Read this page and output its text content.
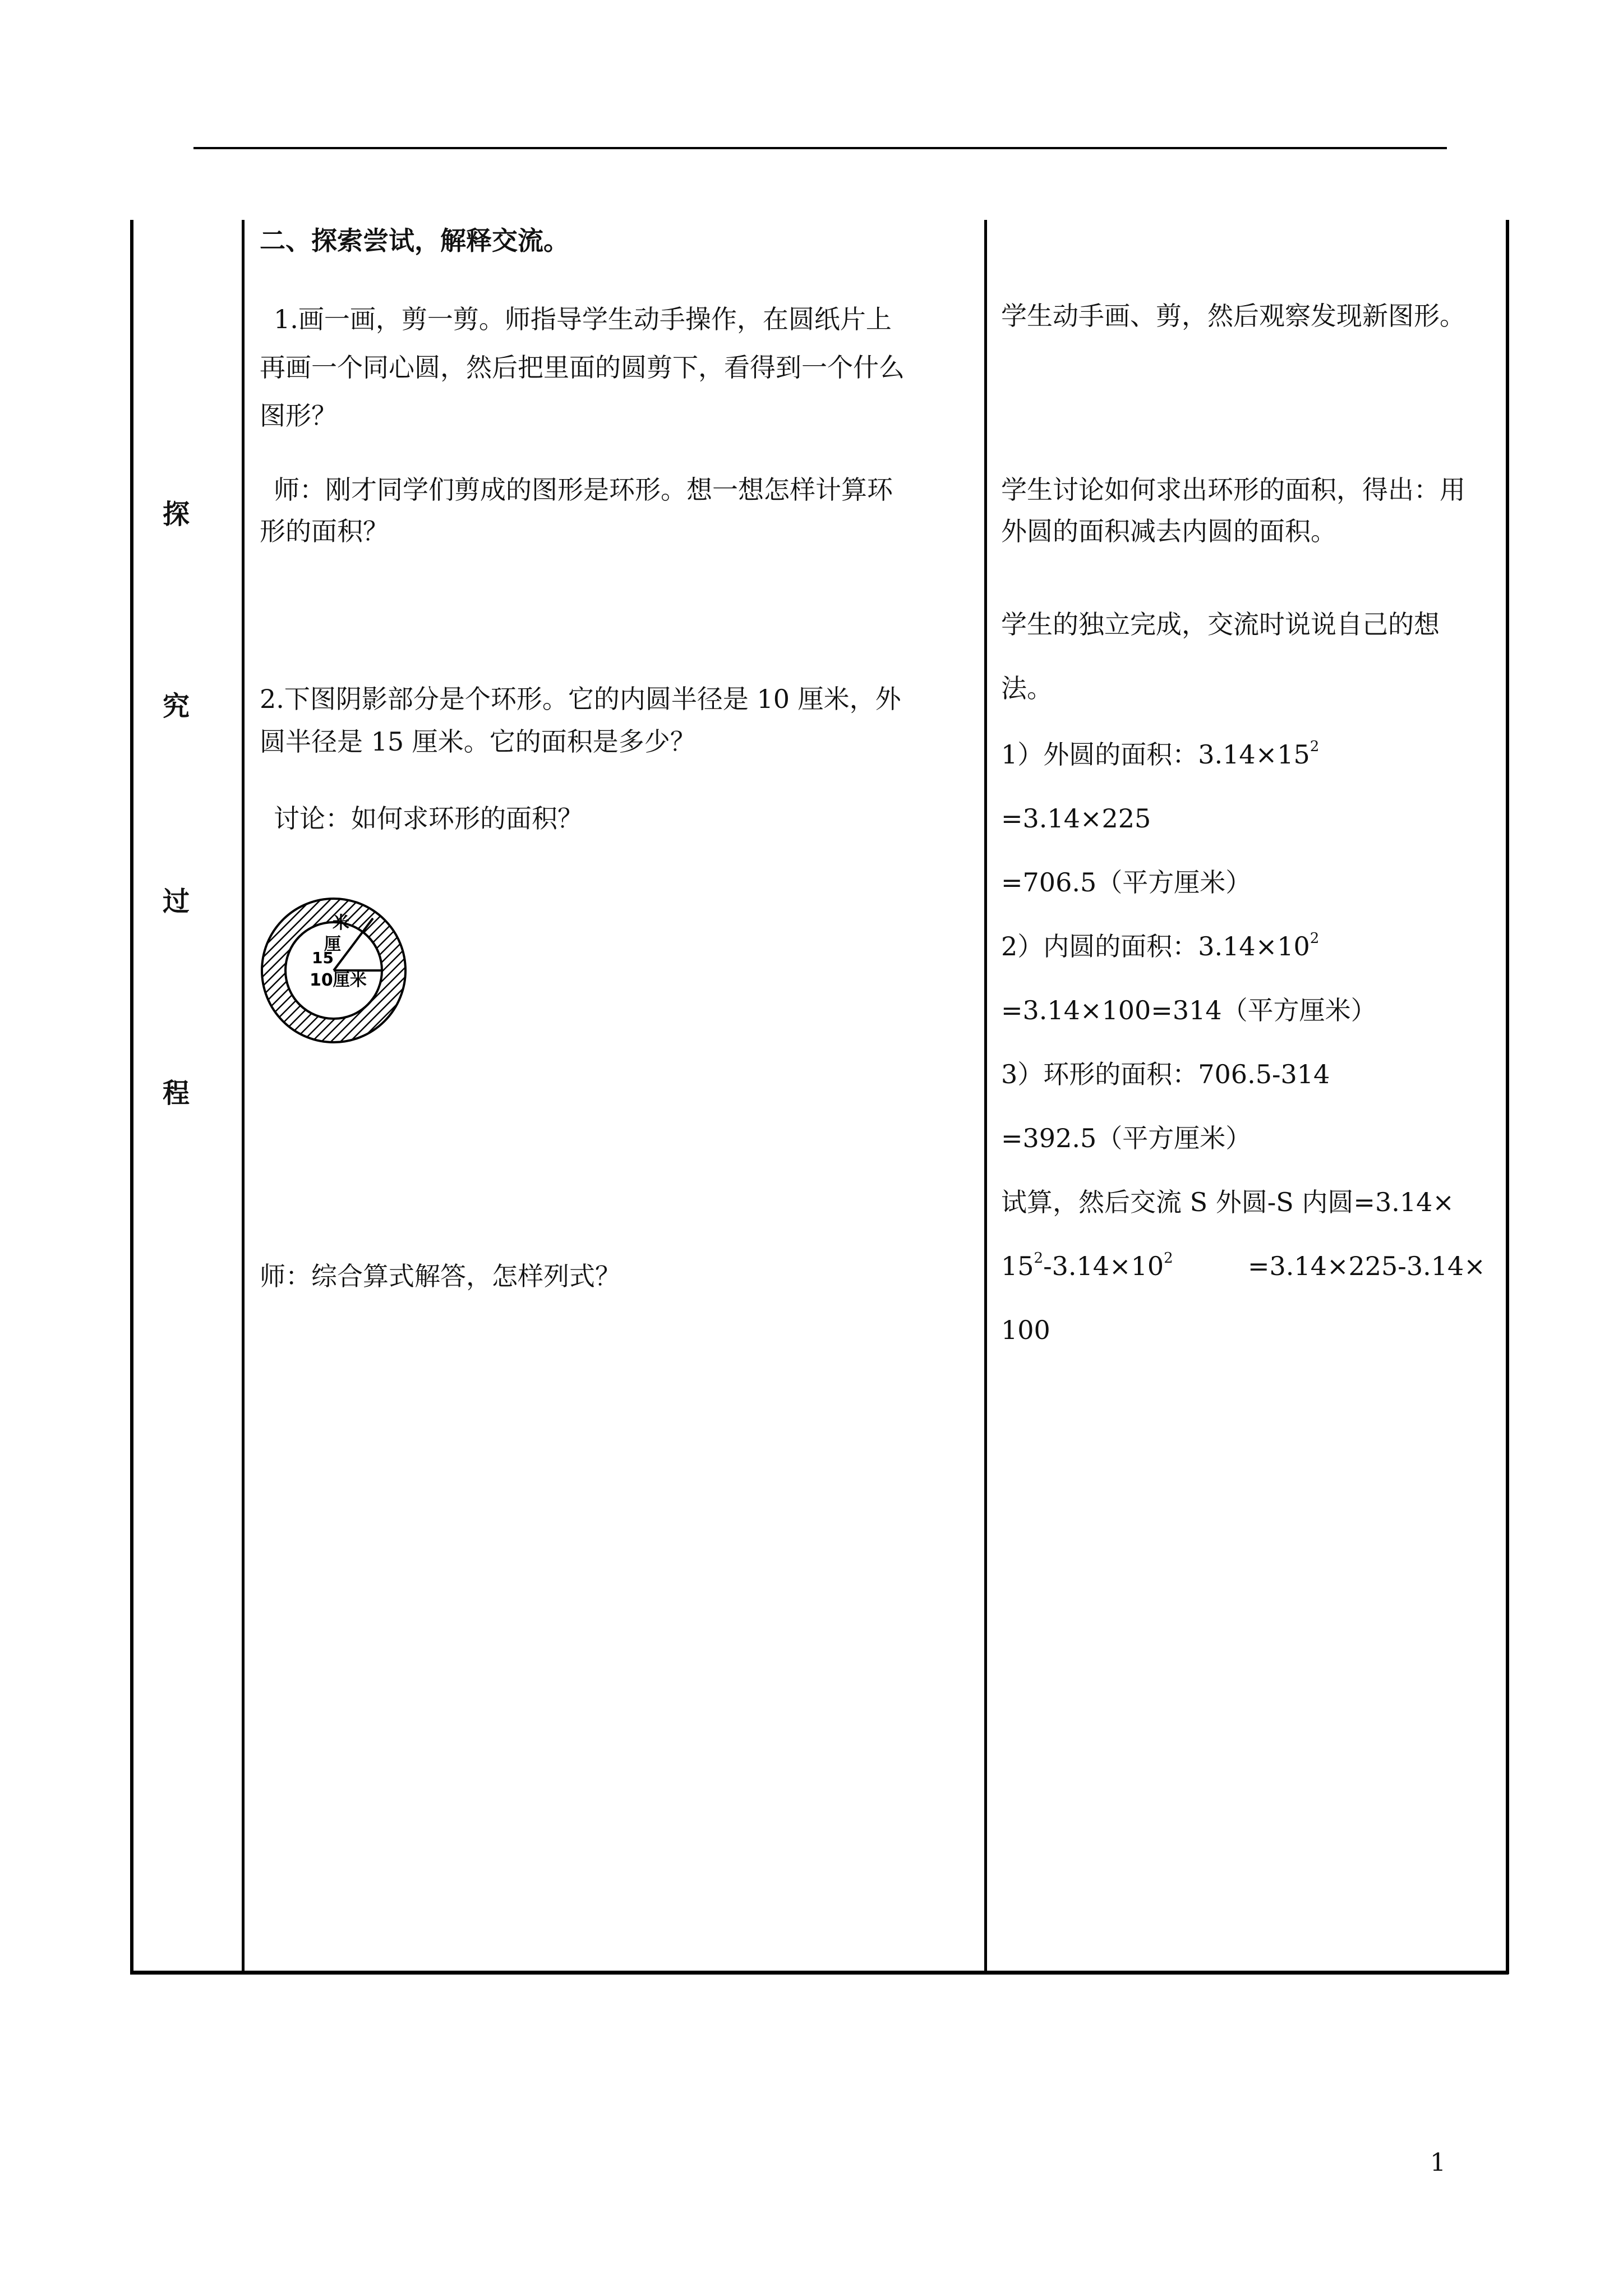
探
究
过
程
二、探索尝试，解释交流。
1.画一画，剪一剪。师指导学生动手操作，在圆纸片上
再画一个同心圆，然后把里面的圆剪下，看得到一个什么
图形？
师：刚才同学们剪成的图形是环形。想一想怎样计算环
形的面积？
2.下图阴影部分是个环形。它的内圆半径是 10 厘米，外
圆半径是 15 厘米。它的面积是多少？
讨论：如何求环形的面积？
米
厘
15
10厘米
师：综合算式解答，怎样列式？
学生动手画、剪，然后观察发现新图形。
学生讨论如何求出环形的面积，得出：用
外圆的面积减去内圆的面积。
学生的独立完成，交流时说说自己的想
法。
1）外圆的面积：$3.14\times 15^2$
=3.14×225
=706.5（平方厘米）
2）内圆的面积：$3.14\times 10^2$
=3.14×100=314（平方厘米）
3）环形的面积：706.5-314
=392.5（平方厘米）
试算，然后交流 S 外圆-S 内圆=3.14×
$15^2-3.14\times 10^2$	=3.14×225-3.14×
100
1
